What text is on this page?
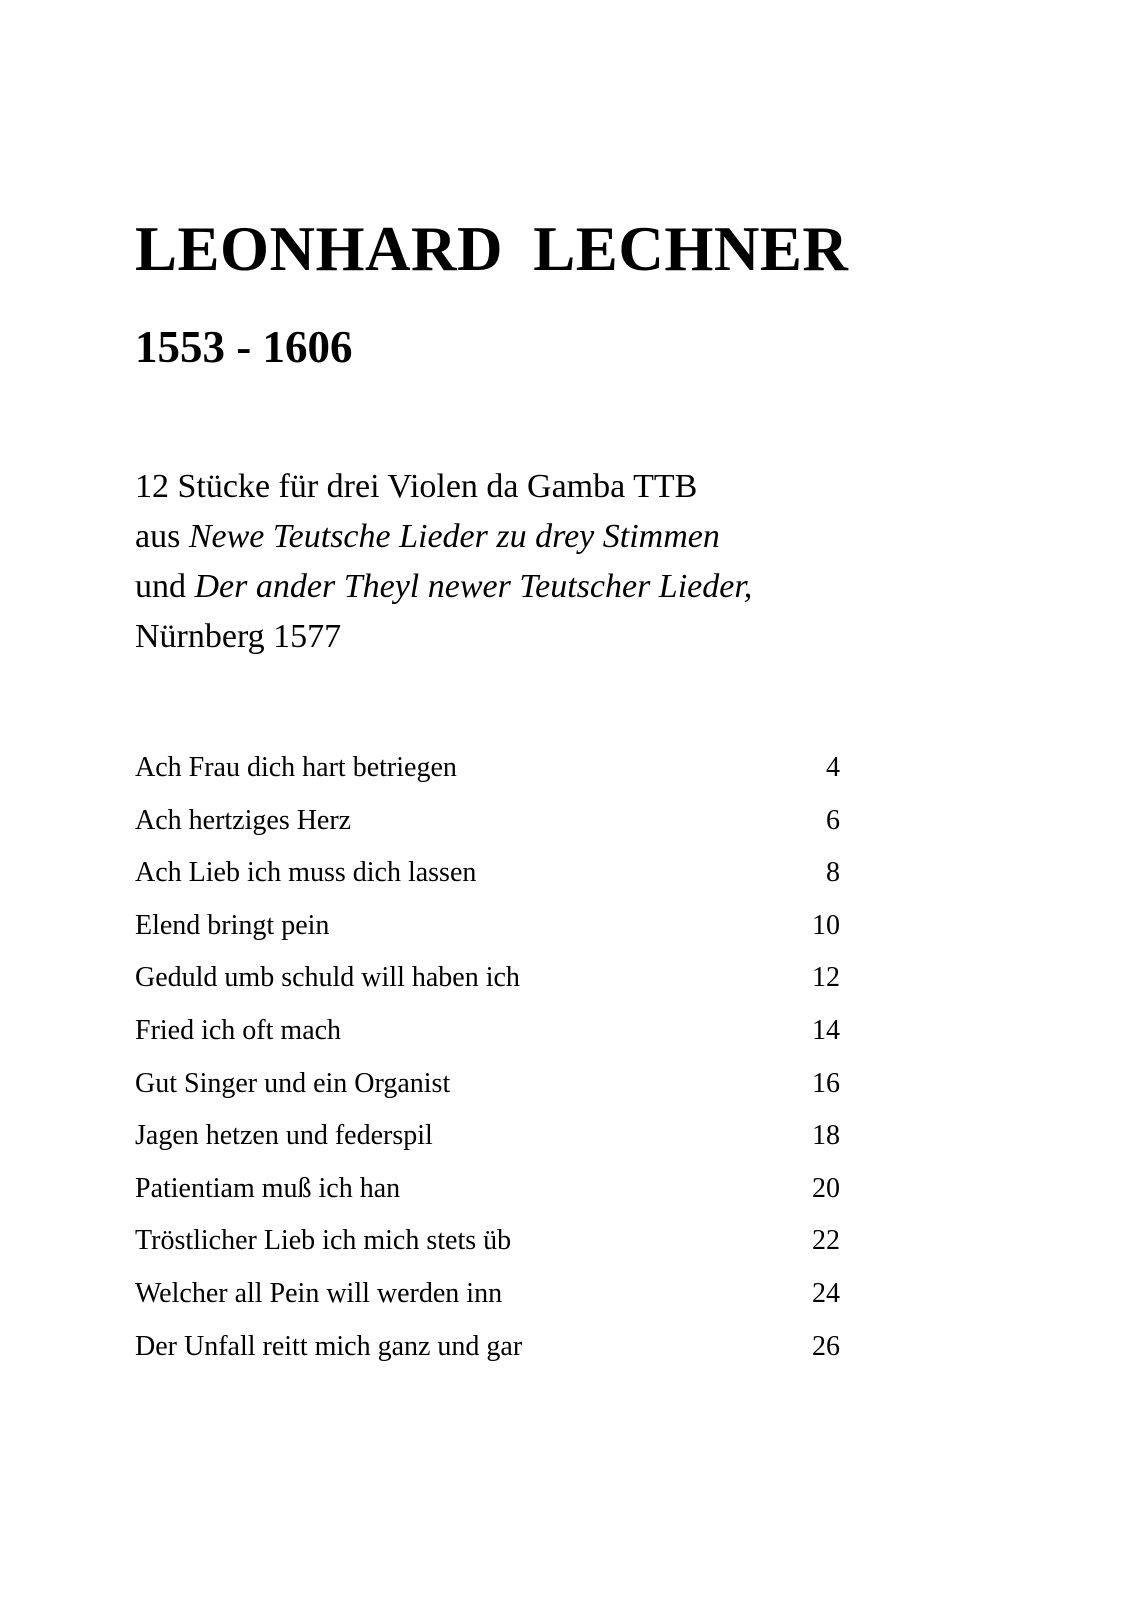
LEONHARD LECHNER
1553 - 1606
12 Stücke für drei Violen da Gamba TTB
aus Newe Teutsche Lieder zu drey Stimmen
und Der ander Theyl newer Teutscher Lieder,
Nürnberg 1577
Ach Frau dich hart betriegen	4
Ach hertziges Herz	6
Ach Lieb ich muss dich lassen	8
Elend bringt pein	10
Geduld umb schuld will haben ich	12
Fried ich oft mach	14
Gut Singer und ein Organist	16
Jagen hetzen und federspil	18
Patientiam muß ich han	20
Tröstlicher Lieb ich mich stets üb	22
Welcher all Pein will werden inn	24
Der Unfall reitt mich ganz und gar	26
